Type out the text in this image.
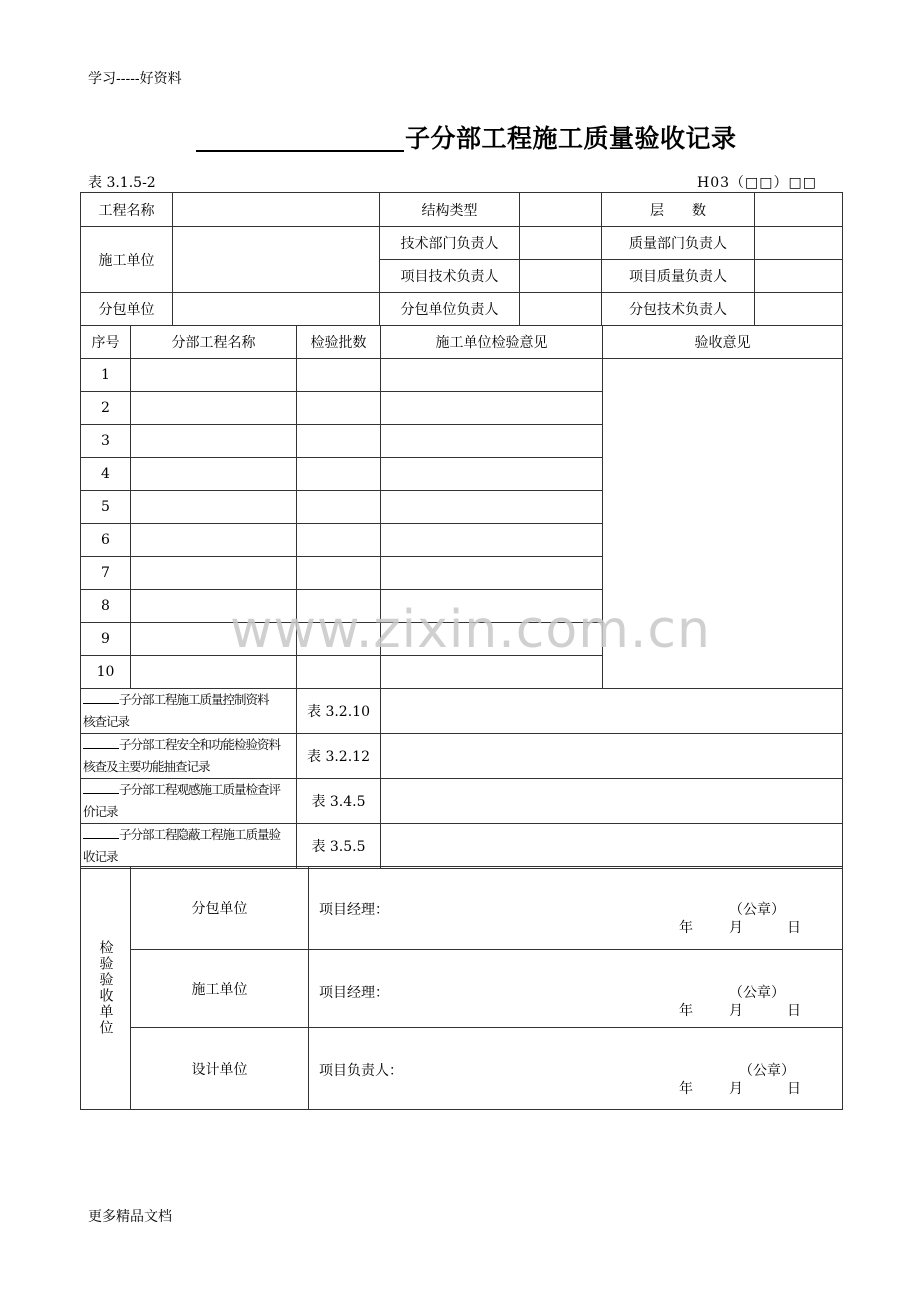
学习-----好资料
子分部工程施工质量验收记录
表 3.1.5-2	H03（□□）□□
工程名称		结构类型		层　　数	
施工单位		技术部门负责人		质量部门负责人	
		项目技术负责人		项目质量负责人	
分包单位		分包单位负责人		分包技术负责人	
序号	分部工程名称	检验批数	施工单位检验意见	验收意见
1				
2				
3				
4				
5				
6				
7				
8				
9				
10				
子分部工程施工质量控制资料
核查记录		表 3.2.10		
子分部工程安全和功能检验资料
核查及主要功能抽查记录		表 3.2.12		
子分部工程观感施工质量检查评
价记录		表 3.4.5		
子分部工程隐蔽工程施工质量验
收记录		表 3.5.5		
检验验收单位	分包单位	项目经理： （公章）
年 月 日

	施工单位	项目经理： （公章）
年 月 日

	设计单位	项目负责人： （公章）
年 月 日
www.zixin.com.cn
更多精品文档
